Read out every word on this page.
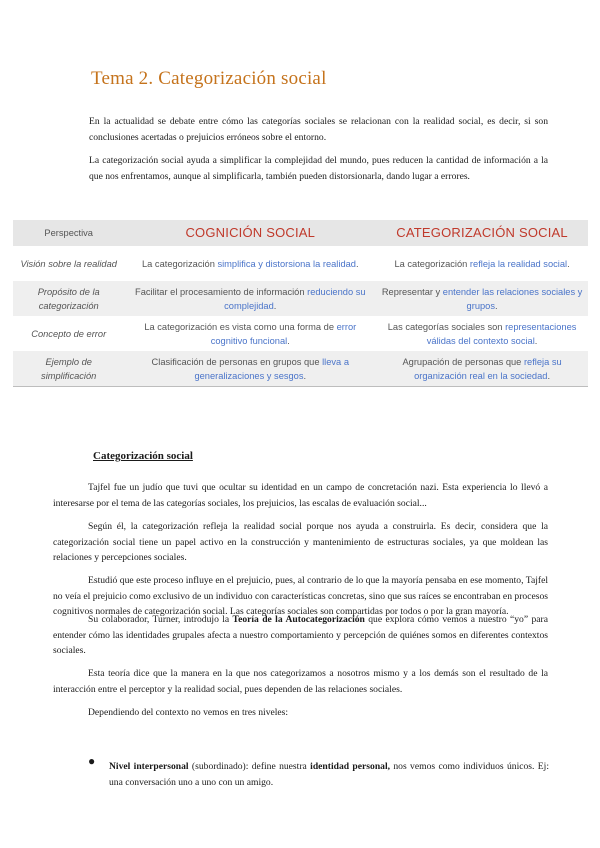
Tema 2. Categorización social

En la actualidad se debate entre cómo las categorías sociales se relacionan con la realidad social, es decir, si son conclusiones acertadas o prejuicios erróneos sobre el entorno.

La categorización social ayuda a simplificar la complejidad del mundo, pues reducen la cantidad de información a la que nos enfrentamos, aunque al simplificarla, también pueden distorsionarla, dando lugar a errores.

Perspectiva	COGNICIÓN SOCIAL	CATEGORIZACIÓN SOCIAL
Visión sobre la realidad	La categorización simplifica y distorsiona la realidad.	La categorización refleja la realidad social.
Propósito de la categorización	Facilitar el procesamiento de información reduciendo su complejidad.	Representar y entender las relaciones sociales y grupos.
Concepto de error	La categorización es vista como una forma de error cognitivo funcional.	Las categorías sociales son representaciones válidas del contexto social.
Ejemplo de simplificación	Clasificación de personas en grupos que lleva a generalizaciones y sesgos.	Agrupación de personas que refleja su organización real en la sociedad.
Categorización social

Tajfel fue un judío que tuvi que ocultar su identidad en un campo de concretación nazi. Esta experiencia lo llevó a interesarse por el tema de las categorías sociales, los prejuicios, las escalas de evaluación social...

Según él, la categorización refleja la realidad social porque nos ayuda a construirla. Es decir, considera que la categorización social tiene un papel activo en la construcción y mantenimiento de estructuras sociales, ya que moldean las relaciones y percepciones sociales.

Estudió que este proceso influye en el prejuicio, pues, al contrario de lo que la mayoría pensaba en ese momento, Tajfel no veía el prejuicio como exclusivo de un individuo con características concretas, sino que sus raíces se encontraban en procesos cognitivos normales de categorización social. Las categorías sociales son compartidas por todos o por la gran mayoría.

Su colaborador, Turner, introdujo la Teoría de la Autocategorización que explora cómo vemos a nuestro “yo” para entender cómo las identidades grupales afecta a nuestro comportamiento y percepción de quiénes somos en diferentes contextos sociales.

Esta teoría dice que la manera en la que nos categorizamos a nosotros mismo y a los demás son el resultado de la interacción entre el perceptor y la realidad social, pues dependen de las relaciones sociales.

Dependiendo del contexto no vemos en tres niveles:

● Nivel interpersonal (subordinado): define nuestra identidad personal, nos vemos como individuos únicos. Ej: una conversación uno a uno con un amigo.
